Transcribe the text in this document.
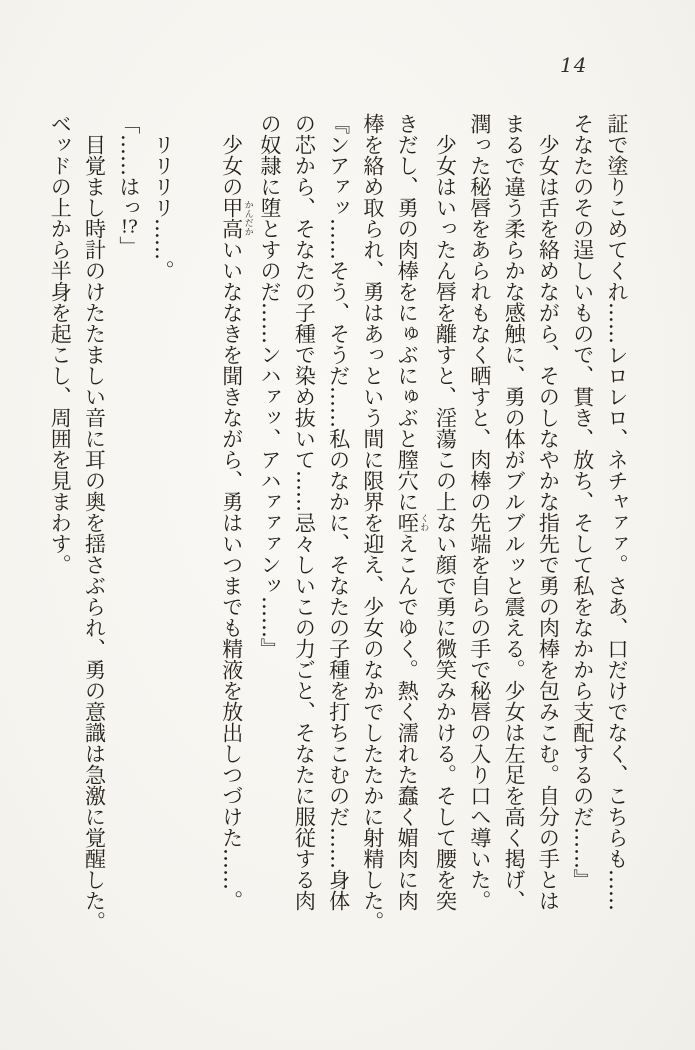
14
証で塗りこめてくれ……レロレロ、ネチャァァ。さあ、口だけでなく、こちらも……
そなたのその逞しいもので、貫き、放ち、そして私をなかから支配するのだ……』
　少女は舌を絡めながら、そのしなやかな指先で勇の肉棒を包みこむ。自分の手とは
まるで違う柔らかな感触に、勇の体がブルブルッと震える。少女は左足を高く掲げ、
潤った秘唇をあられもなく晒すと、肉棒の先端を自らの手で秘唇の入り口へ導いた。
　少女はいったん唇を離すと、淫蕩この上ない顔で勇に微笑みかける。そして腰を突
きだし、勇の肉棒をにゅぶにゅぶと膣穴に咥 くわえこんでゆく。熱く濡れた蠢く媚肉に肉
棒を絡め取られ、勇はあっという間に限界を迎え、少女のなかでしたたかに射精した。
『ンアァッ……そう、そうだ……私のなかに、そなたの子種を打ちこむのだ……身体
の芯から、そなたの子種で染め抜いて……忌々しいこの力ごと、そなたに服従する肉
の奴隷に堕とすのだ……ンハァッ、アハァァァンッ……』
　少女の甲高 かんだかいいななきを聞きながら、勇はいつまでも精液を放出しつづけた……。

　リリリリ……。
「……はっ!?」
　目覚まし時計のけたたましい音に耳の奥を揺さぶられ、勇の意識は急激に覚醒した。
ベッドの上から半身を起こし、周囲を見まわす。
